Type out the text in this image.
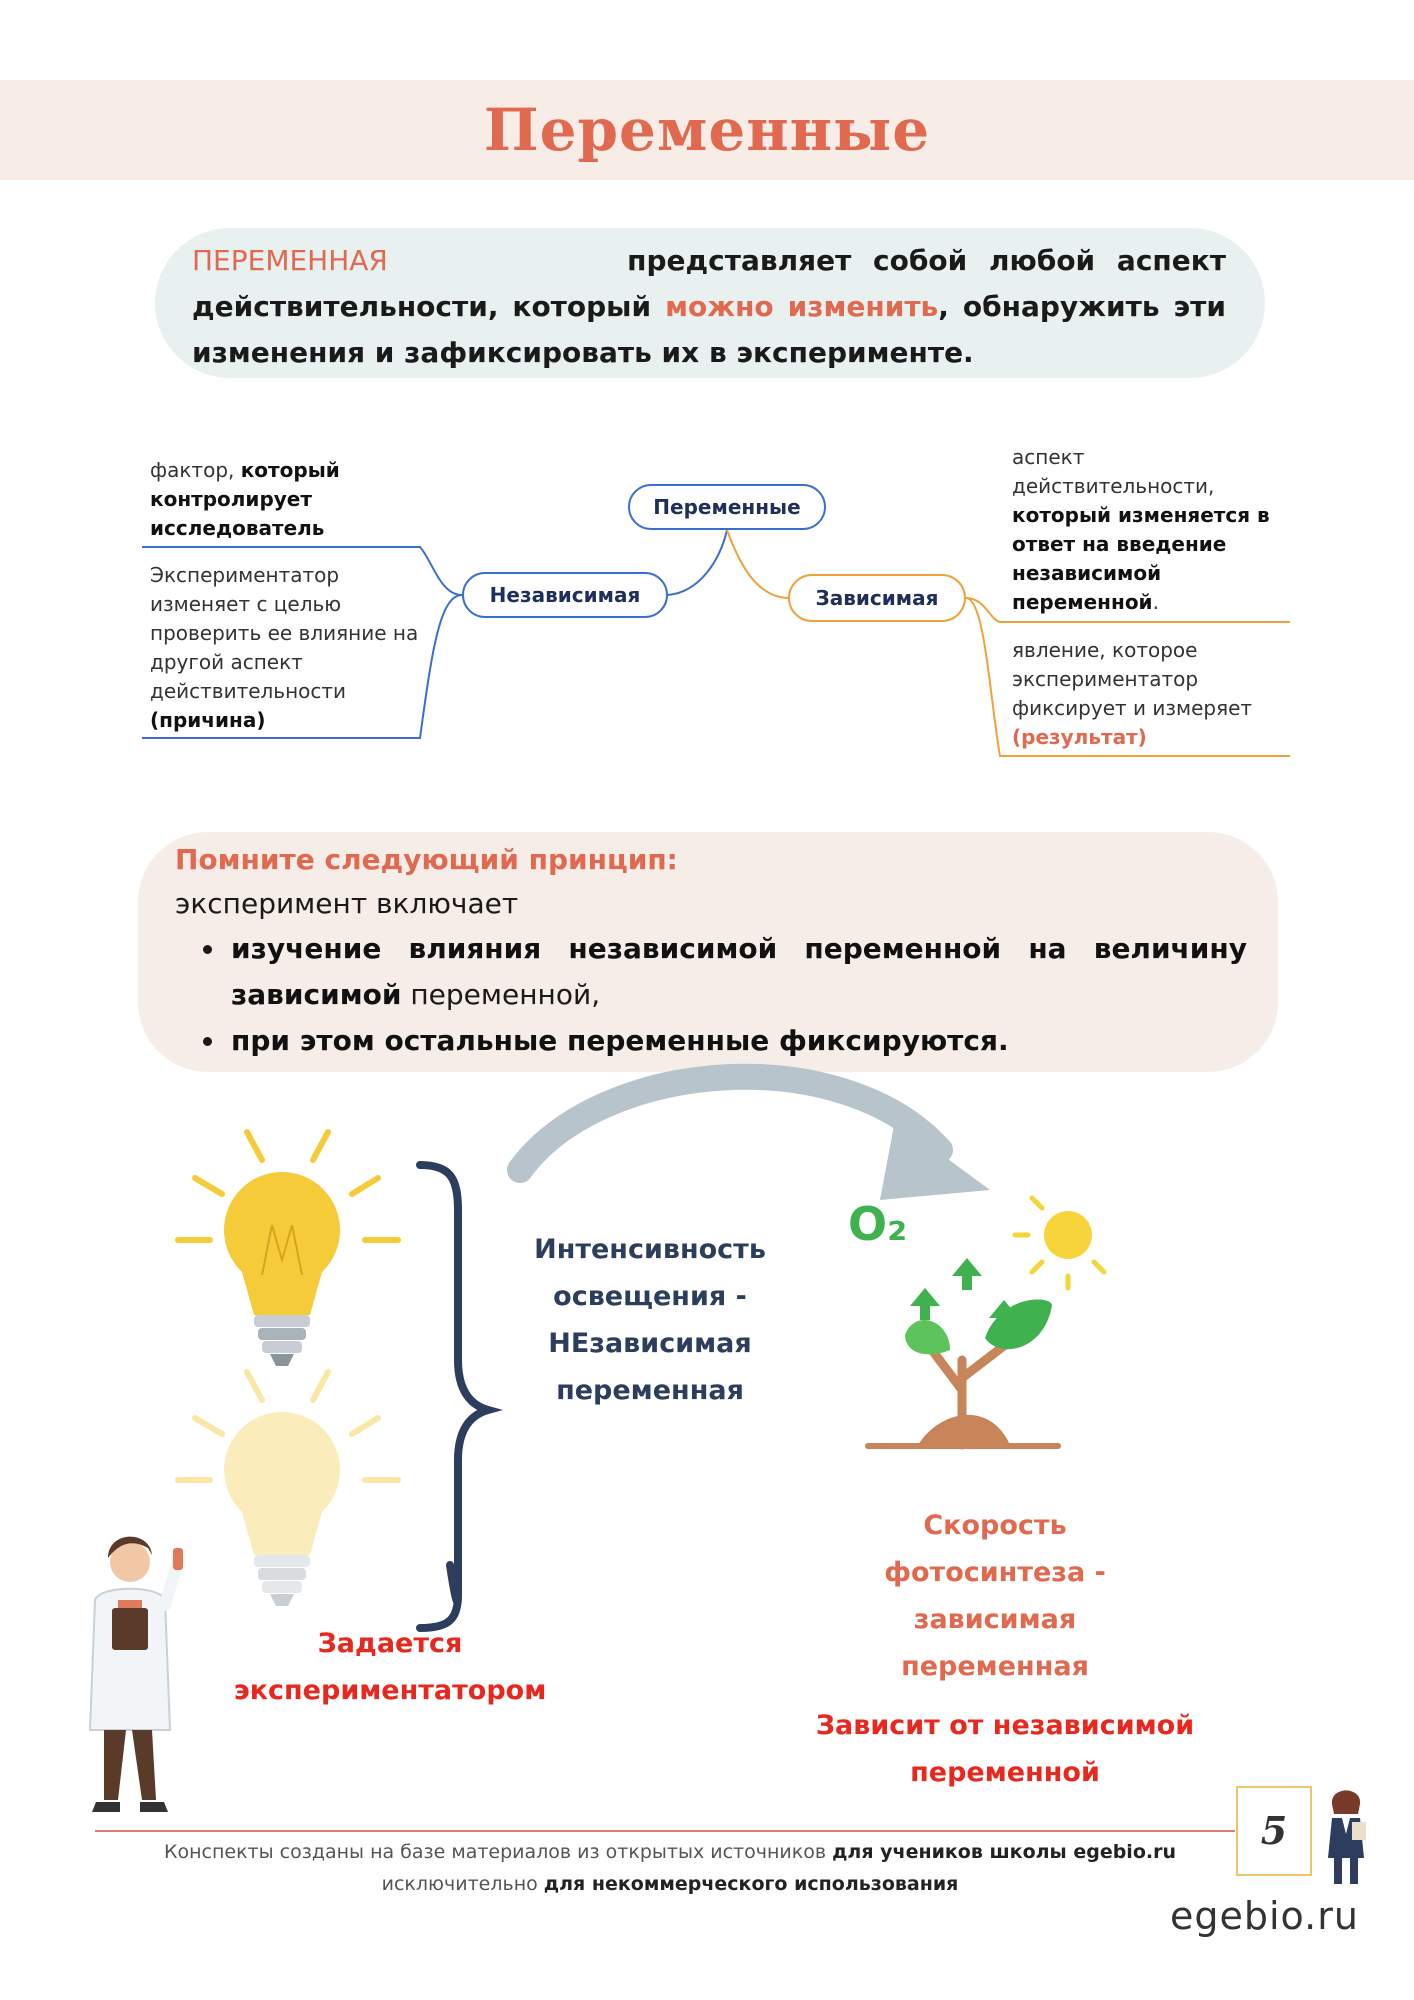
Переменные
ПЕРЕМЕННАЯ	представляет собой любой аспект действительности, который можно изменить, обнаружить эти изменения и зафиксировать их в эксперименте.
Переменные
Независимая	Зависимая
фактор, который контролирует исследователь
Экспериментатор изменяет с целью проверить ее влияние на другой аспект действительности (причина)
аспект действительности, который изменяется в ответ на введение независимой переменной.
явление, которое экспериментатор фиксирует и измеряет (результат)
Помните следующий принцип:
эксперимент включает
изучение влияния независимой переменной на величину зависимой переменной,
при этом остальные переменные фиксируются.
O₂
Интенсивность освещения - НЕзависимая переменная
Задается экспериментатором
Скорость фотосинтеза - зависимая переменная
Зависит от независимой переменной
Конспекты созданы на базе материалов из открытых источников для учеников школы egebio.ru
исключительно для некоммерческого использования
5
egebio.ru
